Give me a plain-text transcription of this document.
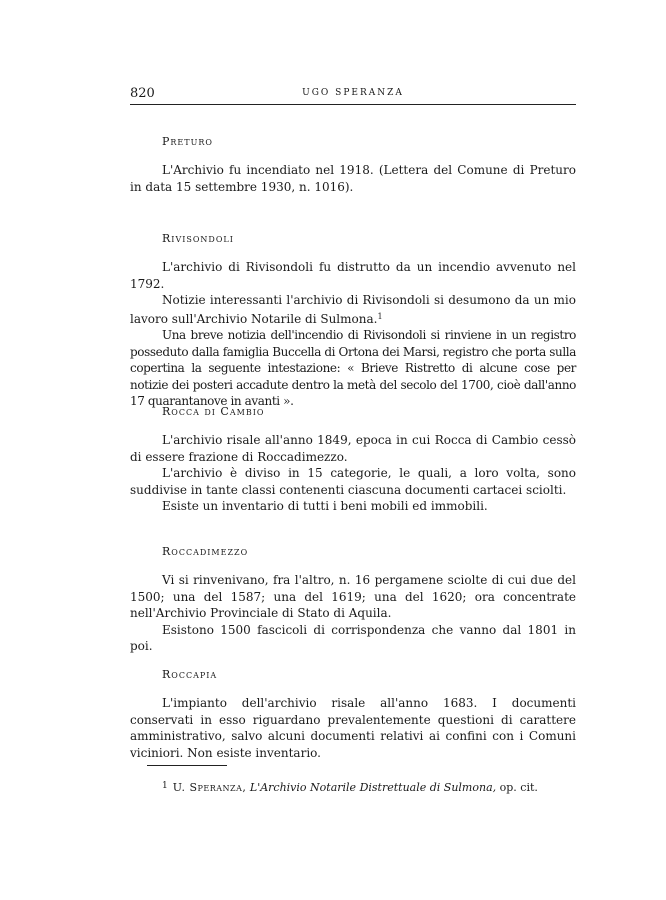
820	UGO SPERANZA
Preturo

L'Archivio fu incendiato nel 1918. (Lettera del Comune di Preturo in data 15 settembre 1930, n. 1016).

Rivisondoli

L'archivio di Rivisondoli fu distrutto da un incendio avvenuto nel 1792.

Notizie interessanti l'archivio di Rivisondoli si desumono da un mio lavoro sull'Archivio Notarile di Sulmona.$^1$

Una breve notizia dell'incendio di Rivisondoli si rinviene in un registro posseduto dalla famiglia Buccella di Ortona dei Marsi, registro che porta sulla copertina la seguente intestazione: « Brieve Ristretto di alcune cose per notizie dei posteri accadute dentro la metà del secolo del 1700, cioè dall'anno 17 quarantanove in avanti ».

Rocca di Cambio

L'archivio risale all'anno 1849, epoca in cui Rocca di Cambio cessò di essere frazione di Roccadimezzo.

L'archivio è diviso in 15 categorie, le quali, a loro volta, sono suddivise in tante classi contenenti ciascuna documenti cartacei sciolti.

Esiste un inventario di tutti i beni mobili ed immobili.

Roccadimezzo

Vi si rinvenivano, fra l'altro, n. 16 pergamene sciolte di cui due del 1500; una del 1587; una del 1619; una del 1620; ora concentrate nell'Archivio Provinciale di Stato di Aquila.

Esistono 1500 fascicoli di corrispondenza che vanno dal 1801 in poi.

Roccapia

L'impianto dell'archivio risale all'anno 1683. I documenti conservati in esso riguardano prevalentemente questioni di carattere amministrativo, salvo alcuni documenti relativi ai confini con i Comuni viciniori. Non esiste inventario.

$^1$ U. Speranza, L'Archivio Notarile Distrettuale di Sulmona, op. cit.
